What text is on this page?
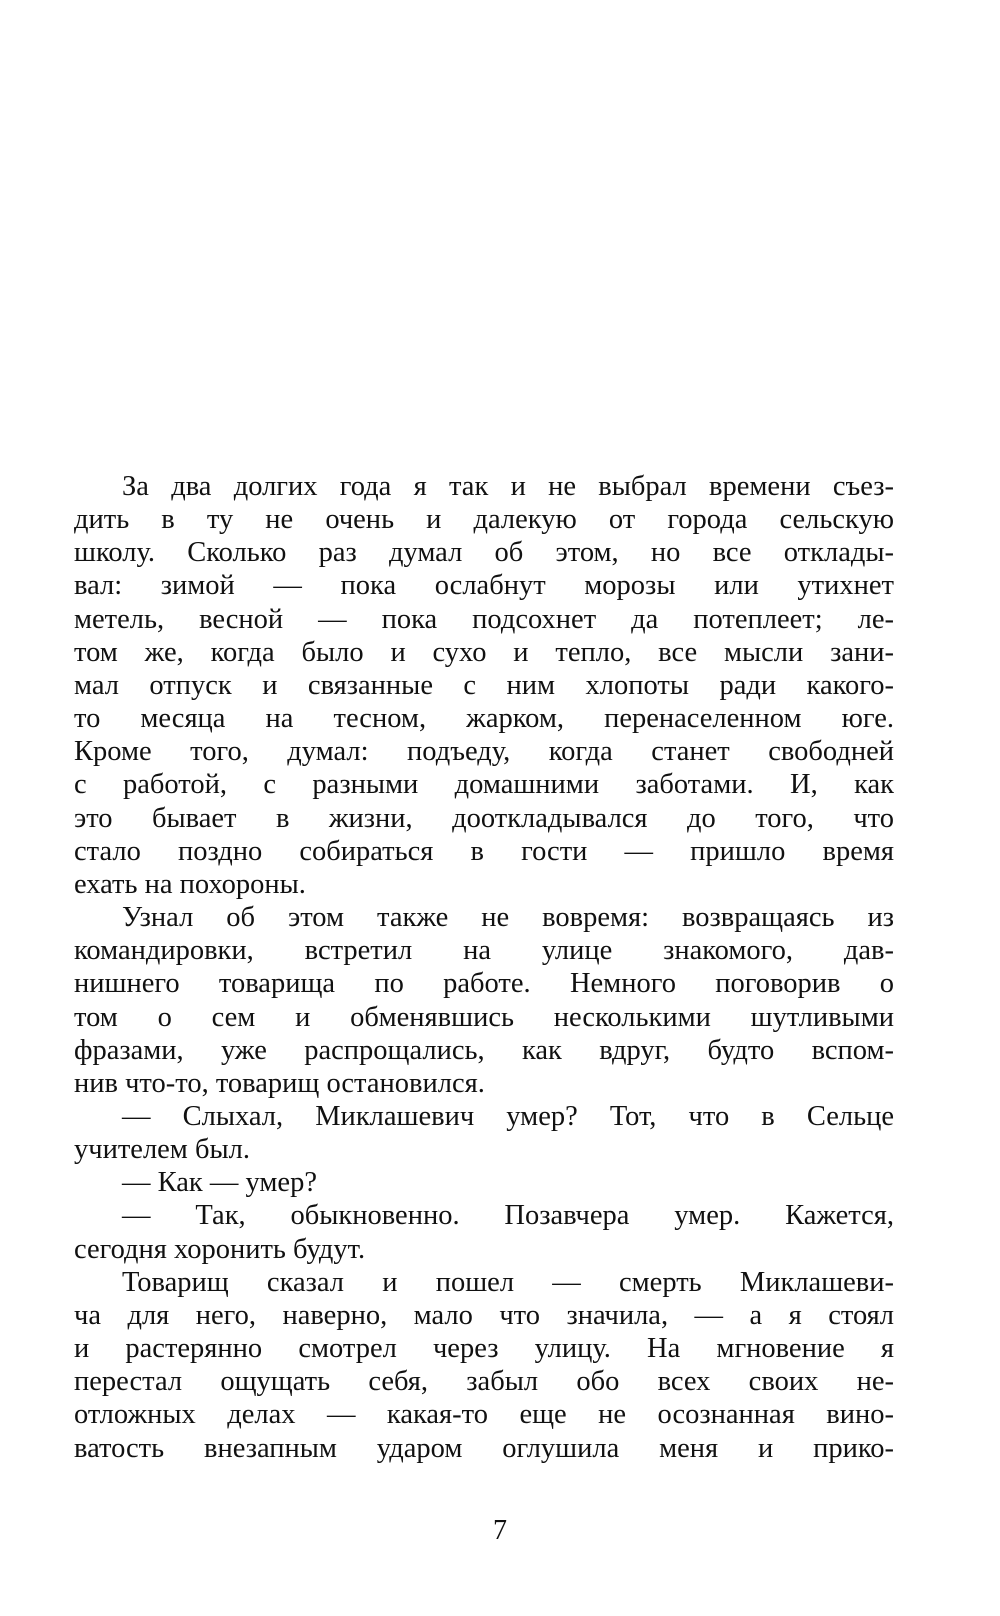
За два долгих года я так и не выбрал времени съез-
дить в ту не очень и далекую от города сельскую
школу. Сколько раз думал об этом, но все отклады-
вал: зимой — пока ослабнут морозы или утихнет
метель, весной — пока подсохнет да потеплеет; ле-
том же, когда было и сухо и тепло, все мысли зани-
мал отпуск и связанные с ним хлопоты ради какого-
то месяца на тесном, жарком, перенаселенном юге.
Кроме того, думал: подъеду, когда станет свободней
с работой, с разными домашними заботами. И, как
это бывает в жизни, дооткладывался до того, что
стало поздно собираться в гости — пришло время
ехать на похороны.
Узнал об этом также не вовремя: возвращаясь из
командировки, встретил на улице знакомого, дав-
нишнего товарища по работе. Немного поговорив о
том о сем и обменявшись несколькими шутливыми
фразами, уже распрощались, как вдруг, будто вспом-
нив что-то, товарищ остановился.
— Слыхал, Миклашевич умер? Тот, что в Сельце
учителем был.
— Как — умер?
— Так, обыкновенно. Позавчера умер. Кажется,
сегодня хоронить будут.
Товарищ сказал и пошел — смерть Миклашеви-
ча для него, наверно, мало что значила, — а я стоял
и растерянно смотрел через улицу. На мгновение я
перестал ощущать себя, забыл обо всех своих не-
отложных делах — какая-то еще не осознанная вино-
ватость внезапным ударом оглушила меня и прико-
7
